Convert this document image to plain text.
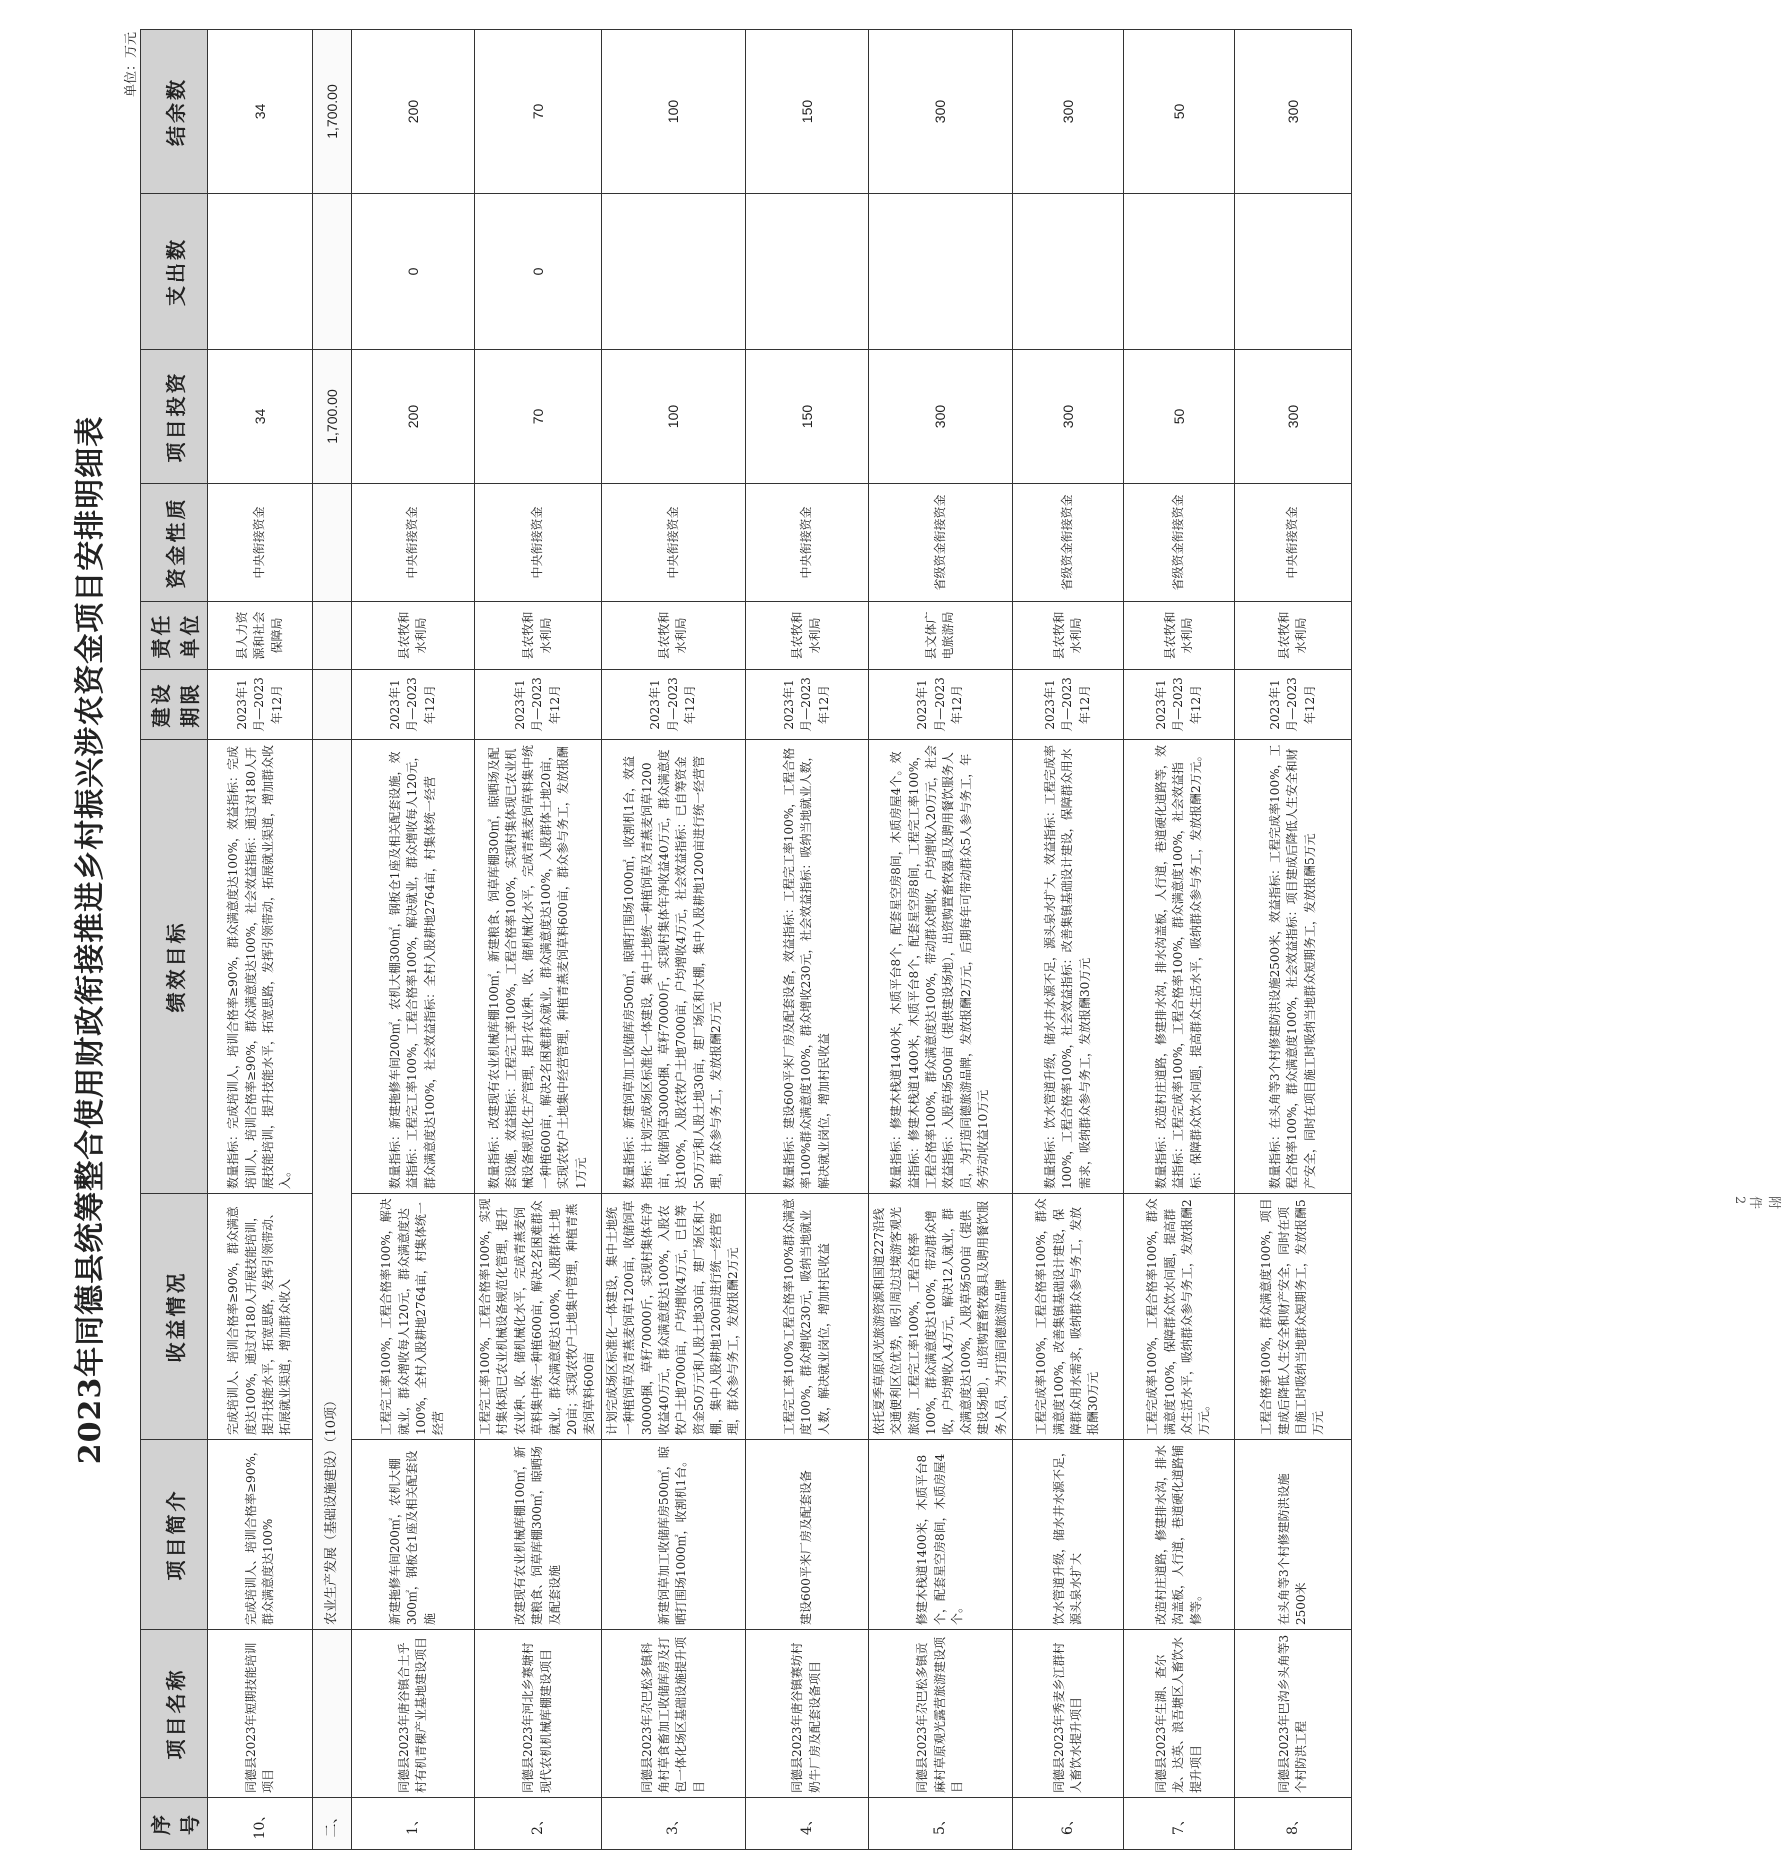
附件2
2023年同德县统筹整合使用财政衔接推进乡村振兴涉农资金项目安排明细表
单位：万元
序号	项目名称	项目简介	收益情况	绩效目标	建设期限	责任单位	资金性质	项目投资	支出数	结余数
10、	同德县2023年短期技能培训项目	完成培训人、培训合格率≥90%，群众满意度达100%	完成培训人、培训合格率≥90%，群众满意度达100%，通过对180人开展技能培训，提升技能水平，拓宽思路，发挥引领带动、拓展就业渠道，增加群众收入	数量指标：完成培训人，培训合格率≥90%，群众满意度达100%，效益指标：完成培训人，培训合格率≥90%，群众满意度达100%，社会效益指标：通过对180人开展技能培训，提升技能水平，拓宽思路，发挥引领带动，拓展就业渠道，增加群众收入。	2023年1月—2023年12月	县人力资源和社会保障局	中央衔接资金	34		34
二、		农业生产发展（基础设施建设）（10项）						1,700.00		1,700.00
1、	同德县2023年唐谷镇合土乎村有机青稞产业基地建设项目	新建拖修车间200㎡，农机大棚300㎡，钢板仓1座及相关配套设施	工程完工率100%，工程合格率100%，解决就业，群众增收每人120元，群众满意度达100%，全村入股耕地2764亩，村集体统一经营	数量指标：新建拖修车间200㎡，农机大棚300㎡，钢板仓1座及相关配套设施，效益指标：工程完工率100%，工程合格率100%，解决就业，群众增收每人120元，群众满意度达100%，社会效益指标：全村入股耕地2764亩，村集体统一经营	2023年1月—2023年12月	县农牧和水利局	中央衔接资金	200	0	200
2、	同德县2023年河北乡赛塘村现代农机机械库棚建设项目	改建现有农业机械库棚100㎡，新建粮食、饲草库棚300㎡，晾晒场及配套设施	工程完工率100%，工程合格率100%，实现村集体现已农业机械设备规范化管理，提升农业种、收、储机械化水平，完成青燕麦饲草料集中统一种植600亩，解决2名困难群众就业，群众满意度达100%，入股群体土地20亩；实现农牧户土地集中管理，种植青燕麦饲草料600亩	数量指标：改建现有农业机械库棚100㎡，新建粮食、饲草库棚300㎡，晾晒场及配套设施，效益指标：工程完工率100%，工程合格率100%，实现村集体现已农业机械设备规范化生产管理，提升农业种、收、储机械化水平，完成青燕麦饲草料集中统一种植600亩，解决2名困难群众就业，群众满意度达100%，入股群体土地20亩，实现农牧户土地集中经营管理，种植青燕麦饲草料600亩，群众参与务工，发放报酬1万元	2023年1月—2023年12月	县农牧和水利局	中央衔接资金	70	0	70
3、	同德县2023年尕巴松多镇科角村草食畜加工收储库房及打包一体化场区基础设施提升项目	新建饲草加工收储库房500㎡，晾晒打围场1000㎡，收割机1台。	计划完成场区标准化一体建设，集中土地统一种植饲草及青燕麦饲草1200亩，收储饲草30000捆，草籽70000斤，实现村集体年净收益40万元，群众满意度达100%，入股农牧户土地7000亩，户均增收4万元，已自筹资金50万元和人股土地30亩，建厂场区和大棚，集中入股耕地1200亩进行统一经营管理，群众参与务工，发放报酬2万元	数量指标：新建饲草加工收储库房500㎡，晾晒打围场1000㎡，收割机1台，效益指标：计划完成场区标准化一体建设，集中土地统一种植饲草及青燕麦饲草1200亩，收储饲草30000捆，草籽70000斤，实现村集体年净收益40万元，群众满意度达100%，入股农牧户土地7000亩，户均增收4万元，社会效益指标：已自筹资金50万元和人股土地30亩，建厂场区和大棚，集中入股耕地1200亩进行统一经营管理，群众参与务工，发放报酬2万元	2023年1月—2023年12月	县农牧和水利局	中央衔接资金	100		100
4、	同德县2023年唐谷镇赛坊村奶牛厂房及配套设备项目	建设600平米厂房及配套设备	工程完工率100%工程合格率100%群众满意度100%，群众增收230元，吸纳当地就业人数，解决就业岗位，增加村民收益	数量指标：建设600平米厂房及配套设备，效益指标：工程完工率100%，工程合格率100%群众满意度100%，群众增收230元，社会效益指标：吸纳当地就业人数，解决就业岗位，增加村民收益	2023年1月—2023年12月	县农牧和水利局	中央衔接资金	150		150
5、	同德县2023年尕巴松多镇贡麻村草原观光露营旅游建设项目	修建木栈道1400米，木质平台8个，配套星空房8间，木质房屋4个。	依托夏季草原风光旅游资源和国道227沿线交通便利区位优势，吸引周边过境游客观光旅游，工程完工率100%，工程合格率100%，群众满意度达100%，带动群众增收，户均增收入4万元，解决12人就业，群众满意度达100%，入股草场500亩（提供建设场地），出资购置畜牧器具及聘用餐饮服务人员，为打造同德旅游品牌	数量指标：修建木栈道1400米，木质平台8个，配套星空房8间，木质房屋4个。效益指标：修建木栈道1400米，木质平台8个，配套星空房8间，工程完工率100%，工程合格率100%，群众满意度达100%，带动群众增收，户均增收入20万元，社会效益指标：入股草场500亩（提供建设场地），出资购置畜牧器具及聘用餐饮服务人员，为打造同德旅游品牌，发放报酬2万元，后期每年可带动群众5人参与务工，年务劳动收益10万元	2023年1月—2023年12月	县文体广电旅游局	省级资金衔接资金	300		300
6、	同德县2023年秀麦乡江群村人畜饮水提升项目	饮水管道升级，储水井水源不足，源头泉水扩大	工程完成率100%，工程合格率100%，群众满意度100%，改善集镇基础设计建设，保障群众用水需求，吸纳群众参与务工，发放报酬30万元	数量指标：饮水管道升级，储水井水源不足，源头泉水扩大，效益指标：工程完成率100%，工程合格率100%，社会效益指标：改善集镇基础设计建设，保障群众用水需求，吸纳群众参与务工，发放报酬30万元	2023年1月—2023年12月	县农牧和水利局	省级资金衔接资金	300		300
7、	同德县2023年生湖、查尔龙、达英、浪吾塘区人畜饮水提升项目	改造村庄道路，修建排水沟，排水沟盖板，人行道，巷道硬化道路铺修等。	工程完成率100%，工程合格率100%，群众满意度100%，保障群众饮水问题，提高群众生活水平，吸纳群众参与务工，发放报酬2万元。	数量指标：改造村庄道路，修建排水沟，排水沟盖板，人行道，巷道硬化道路等，效益指标：工程完成率100%，工程合格率100%，群众满意度100%，社会效益指标：保障群众饮水问题，提高群众生活水平，吸纳群众参与务工，发放报酬2万元。	2023年1月—2023年12月	县农牧和水利局	省级资金衔接资金	50		50
8、	同德县2023年巴沟乡头角等3个村防洪工程	在头角等3个村修建防洪设施2500米	工程合格率100%，群众满意度100%，项目建成后降低人生安全和财产安全，同时在项目施工时吸纳当地群众短期务工，发放报酬5万元	数量指标：在头角等3个村修建防洪设施2500米，效益指标：工程完成率100%，工程合格率100%，群众满意度100%，社会效益指标：项目建成后降低人生安全和财产安全，同时在项目施工时吸纳当地群众短期务工，发放报酬5万元	2023年1月—2023年12月	县农牧和水利局	中央衔接资金	300		300
